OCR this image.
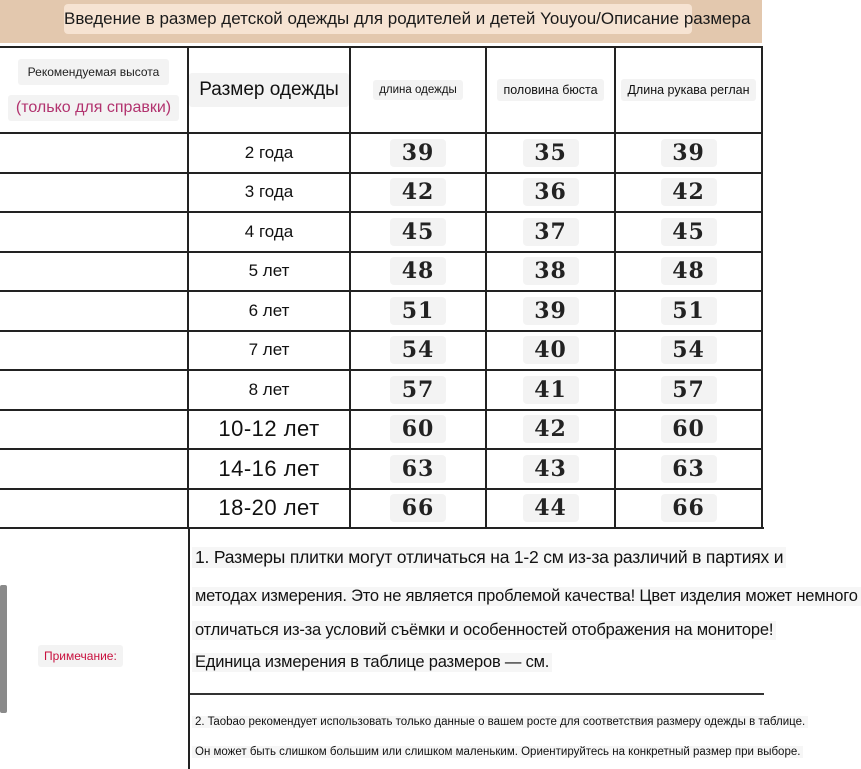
Введение в размер детской одежды для родителей и детей Youyou/Описание размера
Рекомендуемая высота
(только для справки)	Размер одежды	длина одежды	половина бюста	Длина рукава реглан
	2 года	39	35	39
	3 года	42	36	42
	4 года	45	37	45
	5 лет	48	38	48
	6 лет	51	39	51
	7 лет	54	40	54
	8 лет	57	41	57
	10-12 лет	60	42	60
	14-16 лет	63	43	63
	18-20 лет	66	44	66
Примечание:
1. Размеры плитки могут отличаться на 1-2 см из-за различий в партиях и
методах измерения. Это не является проблемой качества! Цвет изделия может немного
отличаться из-за условий съёмки и особенностей отображения на мониторе!
Единица измерения в таблице размеров — см.
2. Taobao рекомендует использовать только данные о вашем росте для соответствия размеру одежды в таблице.
Он может быть слишком большим или слишком маленьким. Ориентируйтесь на конкретный размер при выборе.
